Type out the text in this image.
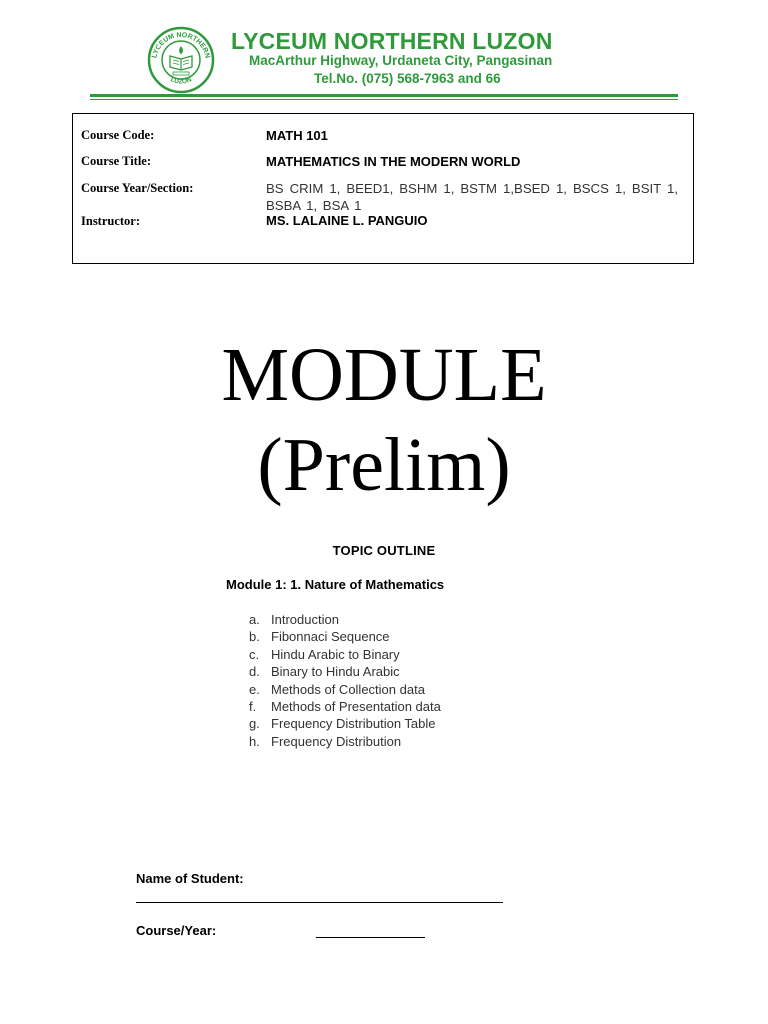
LYCEUM NORTHERN
LUZON
LYCEUM NORTHERN LUZON
MacArthur Highway, Urdaneta City, Pangasinan
Tel.No. (075) 568-7963 and 66
Course Code:	MATH 101
Course Title:	MATHEMATICS IN THE MODERN WORLD
Course Year/Section:	BS CRIM 1, BEED1, BSHM 1, BSTM 1,BSED 1, BSCS 1, BSIT 1, BSBA 1, BSA 1
Instructor:	MS. LALAINE L. PANGUIO
MODULE
(Prelim)
TOPIC OUTLINE
Module 1: 1. Nature of Mathematics
a. Introduction
b. Fibonnaci Sequence
c. Hindu Arabic to Binary
d. Binary to Hindu Arabic
e. Methods of Collection data
f. Methods of Presentation data
g. Frequency Distribution Table
h. Frequency Distribution
Name of Student:
Course/Year:
